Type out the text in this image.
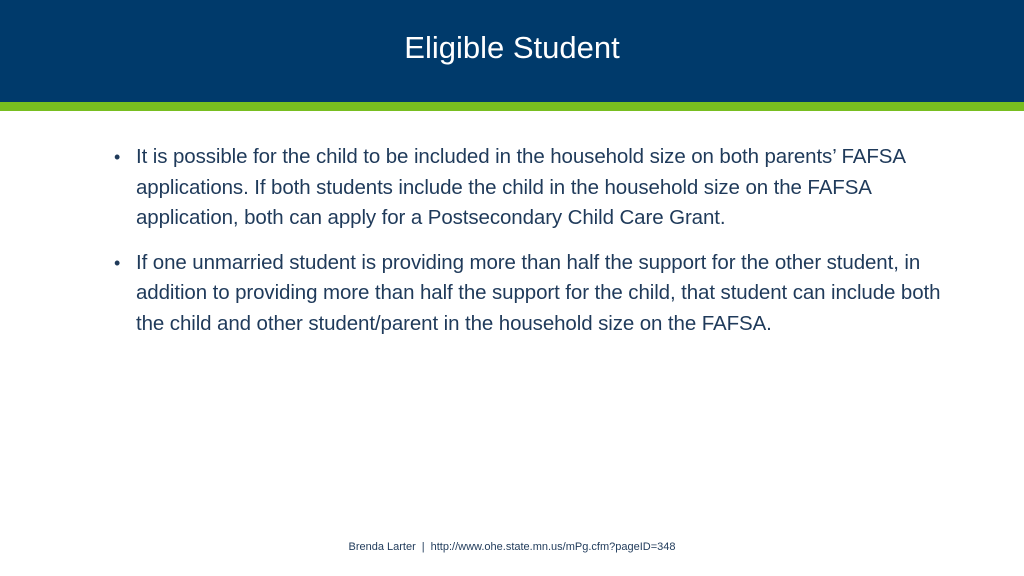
Eligible Student
• It is possible for the child to be included in the household size on both parents’ FAFSA applications. If both students include the child in the household size on the FAFSA application, both can apply for a Postsecondary Child Care Grant.
• If one unmarried student is providing more than half the support for the other student, in addition to providing more than half the support for the child, that student can include both the child and other student/parent in the household size on the FAFSA.
Brenda Larter | http://www.ohe.state.mn.us/mPg.cfm?pageID=348
